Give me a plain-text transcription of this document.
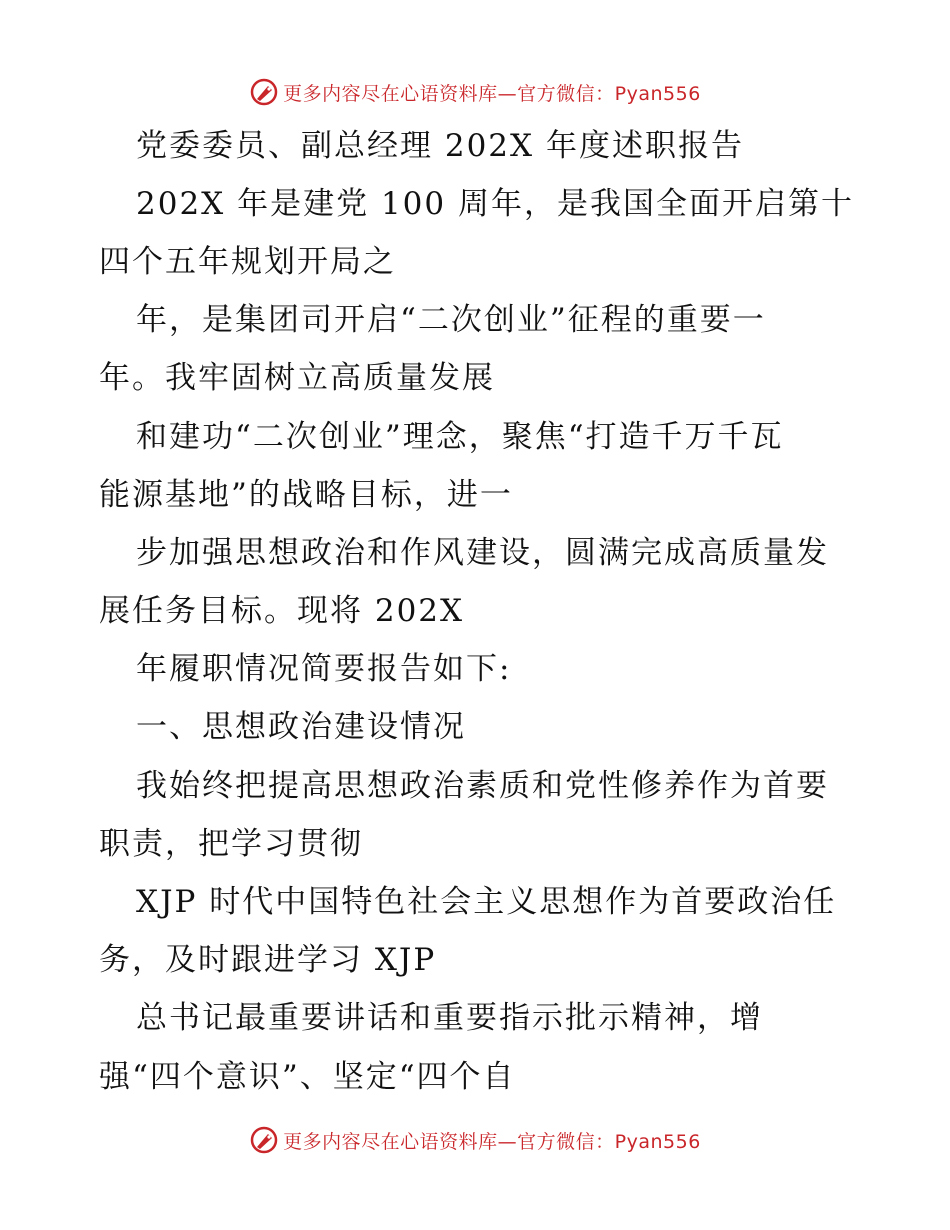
更多内容尽在心语资料库—官方微信：Pyan556
党委委员、副总经理 202X 年度述职报告
202X 年是建党 100 周年，是我国全面开启第十
四个五年规划开局之
年，是集团司开启“二次创业”征程的重要一
年。我牢固树立高质量发展
和建功“二次创业”理念，聚焦“打造千万千瓦
能源基地”的战略目标，进一
步加强思想政治和作风建设，圆满完成高质量发
展任务目标。现将 202X
年履职情况简要报告如下:
一、思想政治建设情况
我始终把提高思想政治素质和党性修养作为首要
职责，把学习贯彻
XJP 时代中国特色社会主义思想作为首要政治任
务，及时跟进学习 XJP
总书记最重要讲话和重要指示批示精神，增
强“四个意识”、坚定“四个自
更多内容尽在心语资料库—官方微信：Pyan556
